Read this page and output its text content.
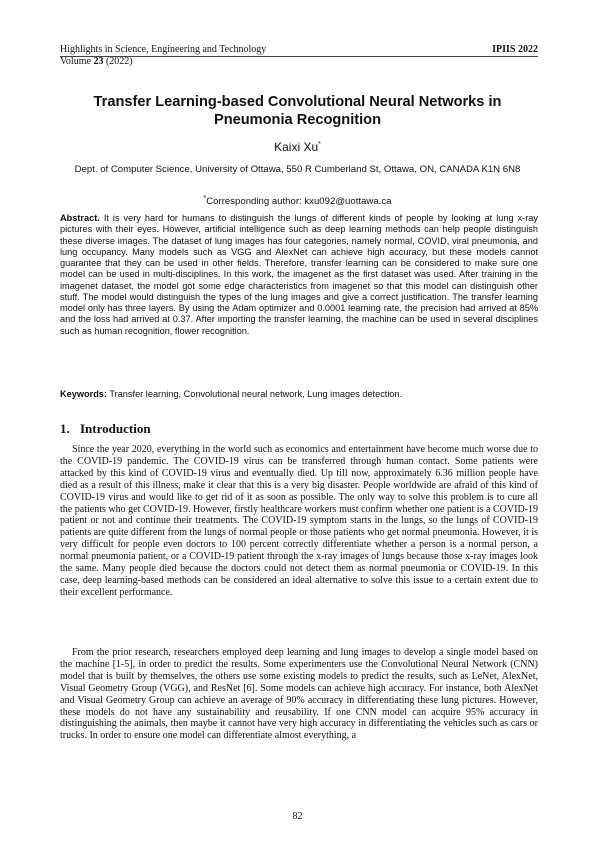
Highlights in Science, Engineering and Technology
Volume 23 (2022)
IPIIS 2022
Transfer Learning-based Convolutional Neural Networks in Pneumonia Recognition
Kaixi Xu*
Dept. of Computer Science, University of Ottawa, 550 R Cumberland St, Ottawa, ON, CANADA K1N 6N8
*Corresponding author: kxu092@uottawa.ca
Abstract. It is very hard for humans to distinguish the lungs of different kinds of people by looking at lung x-ray pictures with their eyes. However, artificial intelligence such as deep learning methods can help people distinguish these diverse images. The dataset of lung images has four categories, namely normal, COVID, viral pneumonia, and lung occupancy. Many models such as VGG and AlexNet can achieve high accuracy, but these models cannot guarantee that they can be used in other fields. Therefore, transfer learning can be considered to make sure one model can be used in multi-disciplines. In this work, the imagenet as the first dataset was used. After training in the imagenet dataset, the model got some edge characteristics from imagenet so that this model can distinguish other stuff. The model would distinguish the types of the lung images and give a correct justification. The transfer learning model only has three layers. By using the Adam optimizer and 0.0001 learning rate, the precision had arrived at 85% and the loss had arrived at 0.37. After importing the transfer learning, the machine can be used in several disciplines such as human recognition, flower recognition.
Keywords: Transfer learning, Convolutional neural network, Lung images detection.
1. Introduction

Since the year 2020, everything in the world such as economics and entertainment have become much worse due to the COVID-19 pandemic. The COVID-19 virus can be transferred through human contact. Some patients were attacked by this kind of COVID-19 virus and eventually died. Up till now, approximately 6.36 million people have died as a result of this illness, make it clear that this is a very big disaster. People worldwide are afraid of this kind of COVID-19 virus and would like to get rid of it as soon as possible. The only way to solve this problem is to cure all the patients who get COVID-19. However, firstly healthcare workers must confirm whether one patient is a COVID-19 patient or not and continue their treatments. The COVID-19 symptom starts in the lungs, so the lungs of COVID-19 patients are quite different from the lungs of normal people or those patients who get normal pneumonia. However, it is very difficult for people even doctors to 100 percent correctly differentiate whether a person is a normal person, a normal pneumonia patient, or a COVID-19 patient through the x-ray images of lungs because those x-ray images look the same. Many people died because the doctors could not detect them as normal pneumonia or COVID-19. In this case, deep learning-based methods can be considered an ideal alternative to solve this issue to a certain extent due to their excellent performance.

From the prior research, researchers employed deep learning and lung images to develop a single model based on the machine [1-5], in order to predict the results. Some experimenters use the Convolutional Neural Network (CNN) model that is built by themselves, the others use some existing models to predict the results, such as LeNet, AlexNet, Visual Geometry Group (VGG), and ResNet [6]. Some models can achieve high accuracy. For instance, both AlexNet and Visual Geometry Group can achieve an average of 90% accuracy in differentiating these lung pictures. However, these models do not have any sustainability and reusability. If one CNN model can acquire 95% accuracy in distinguishing the animals, then maybe it cannot have very high accuracy in differentiating the vehicles such as cars or trucks. In order to ensure one model can differentiate almost everything, a

82
